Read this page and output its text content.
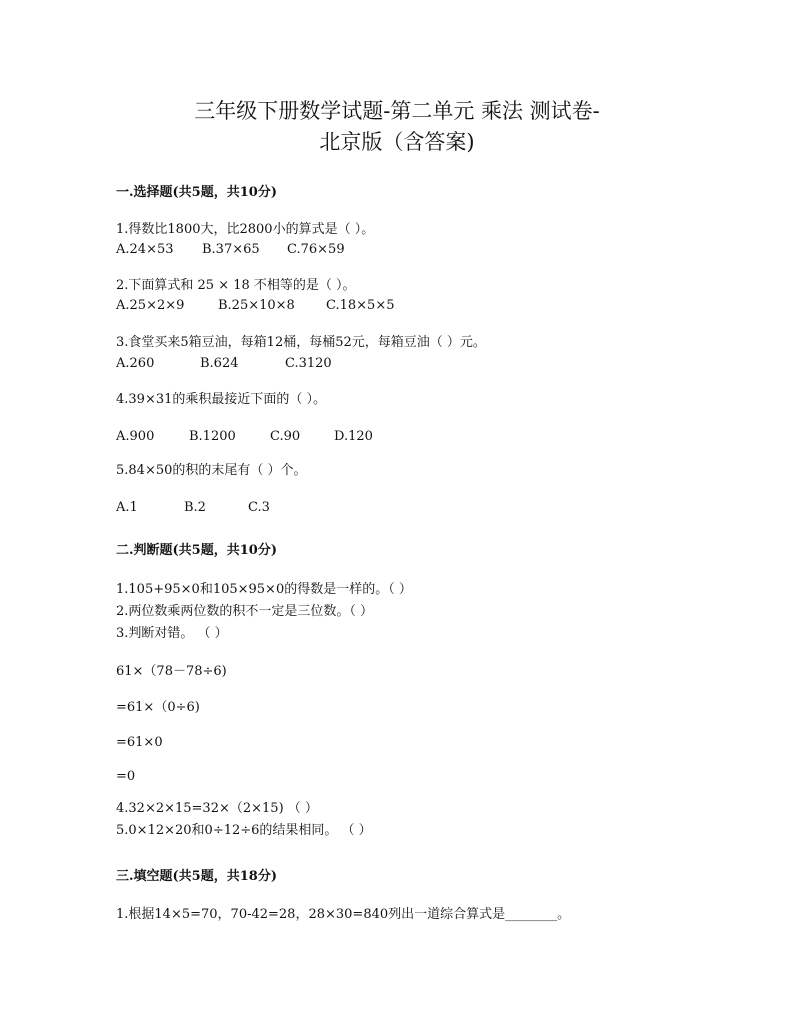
三年级下册数学试题-第二单元 乘法 测试卷-
北京版（含答案)
一.选择题(共5题，共10分)
1.得数比1800大，比2800小的算式是（ ）。
A.24×53 B.37×65 C.76×59
2.下面算式和 25 × 18 不相等的是（ ）。
A.25×2×9	B.25×10×8 C.18×5×5
3.食堂买来5箱豆油，每箱12桶，每桶52元，每箱豆油（ ）元。
A.260	B.624	C.3120
4.39×31的乘积最接近下面的（ ）。
A.900	B.1200	C.90	D.120
5.84×50的积的末尾有（ ）个。
A.1	B.2	C.3
二.判断题(共5题，共10分)
1.105+95×0和105×95×0的得数是一样的。（ ）
2.两位数乘两位数的积不一定是三位数。（ ）
3.判断对错。 （ ）
61×（78－78÷6)
=61×（0÷6)
=61×0
=0
4.32×2×15=32×（2×15) （ ）
5.0×12×20和0÷12÷6的结果相同。 （ ）
三.填空题(共5题，共18分)
1.根据14×5=70，70-42=28，28×30=840列出一道综合算式是________。
